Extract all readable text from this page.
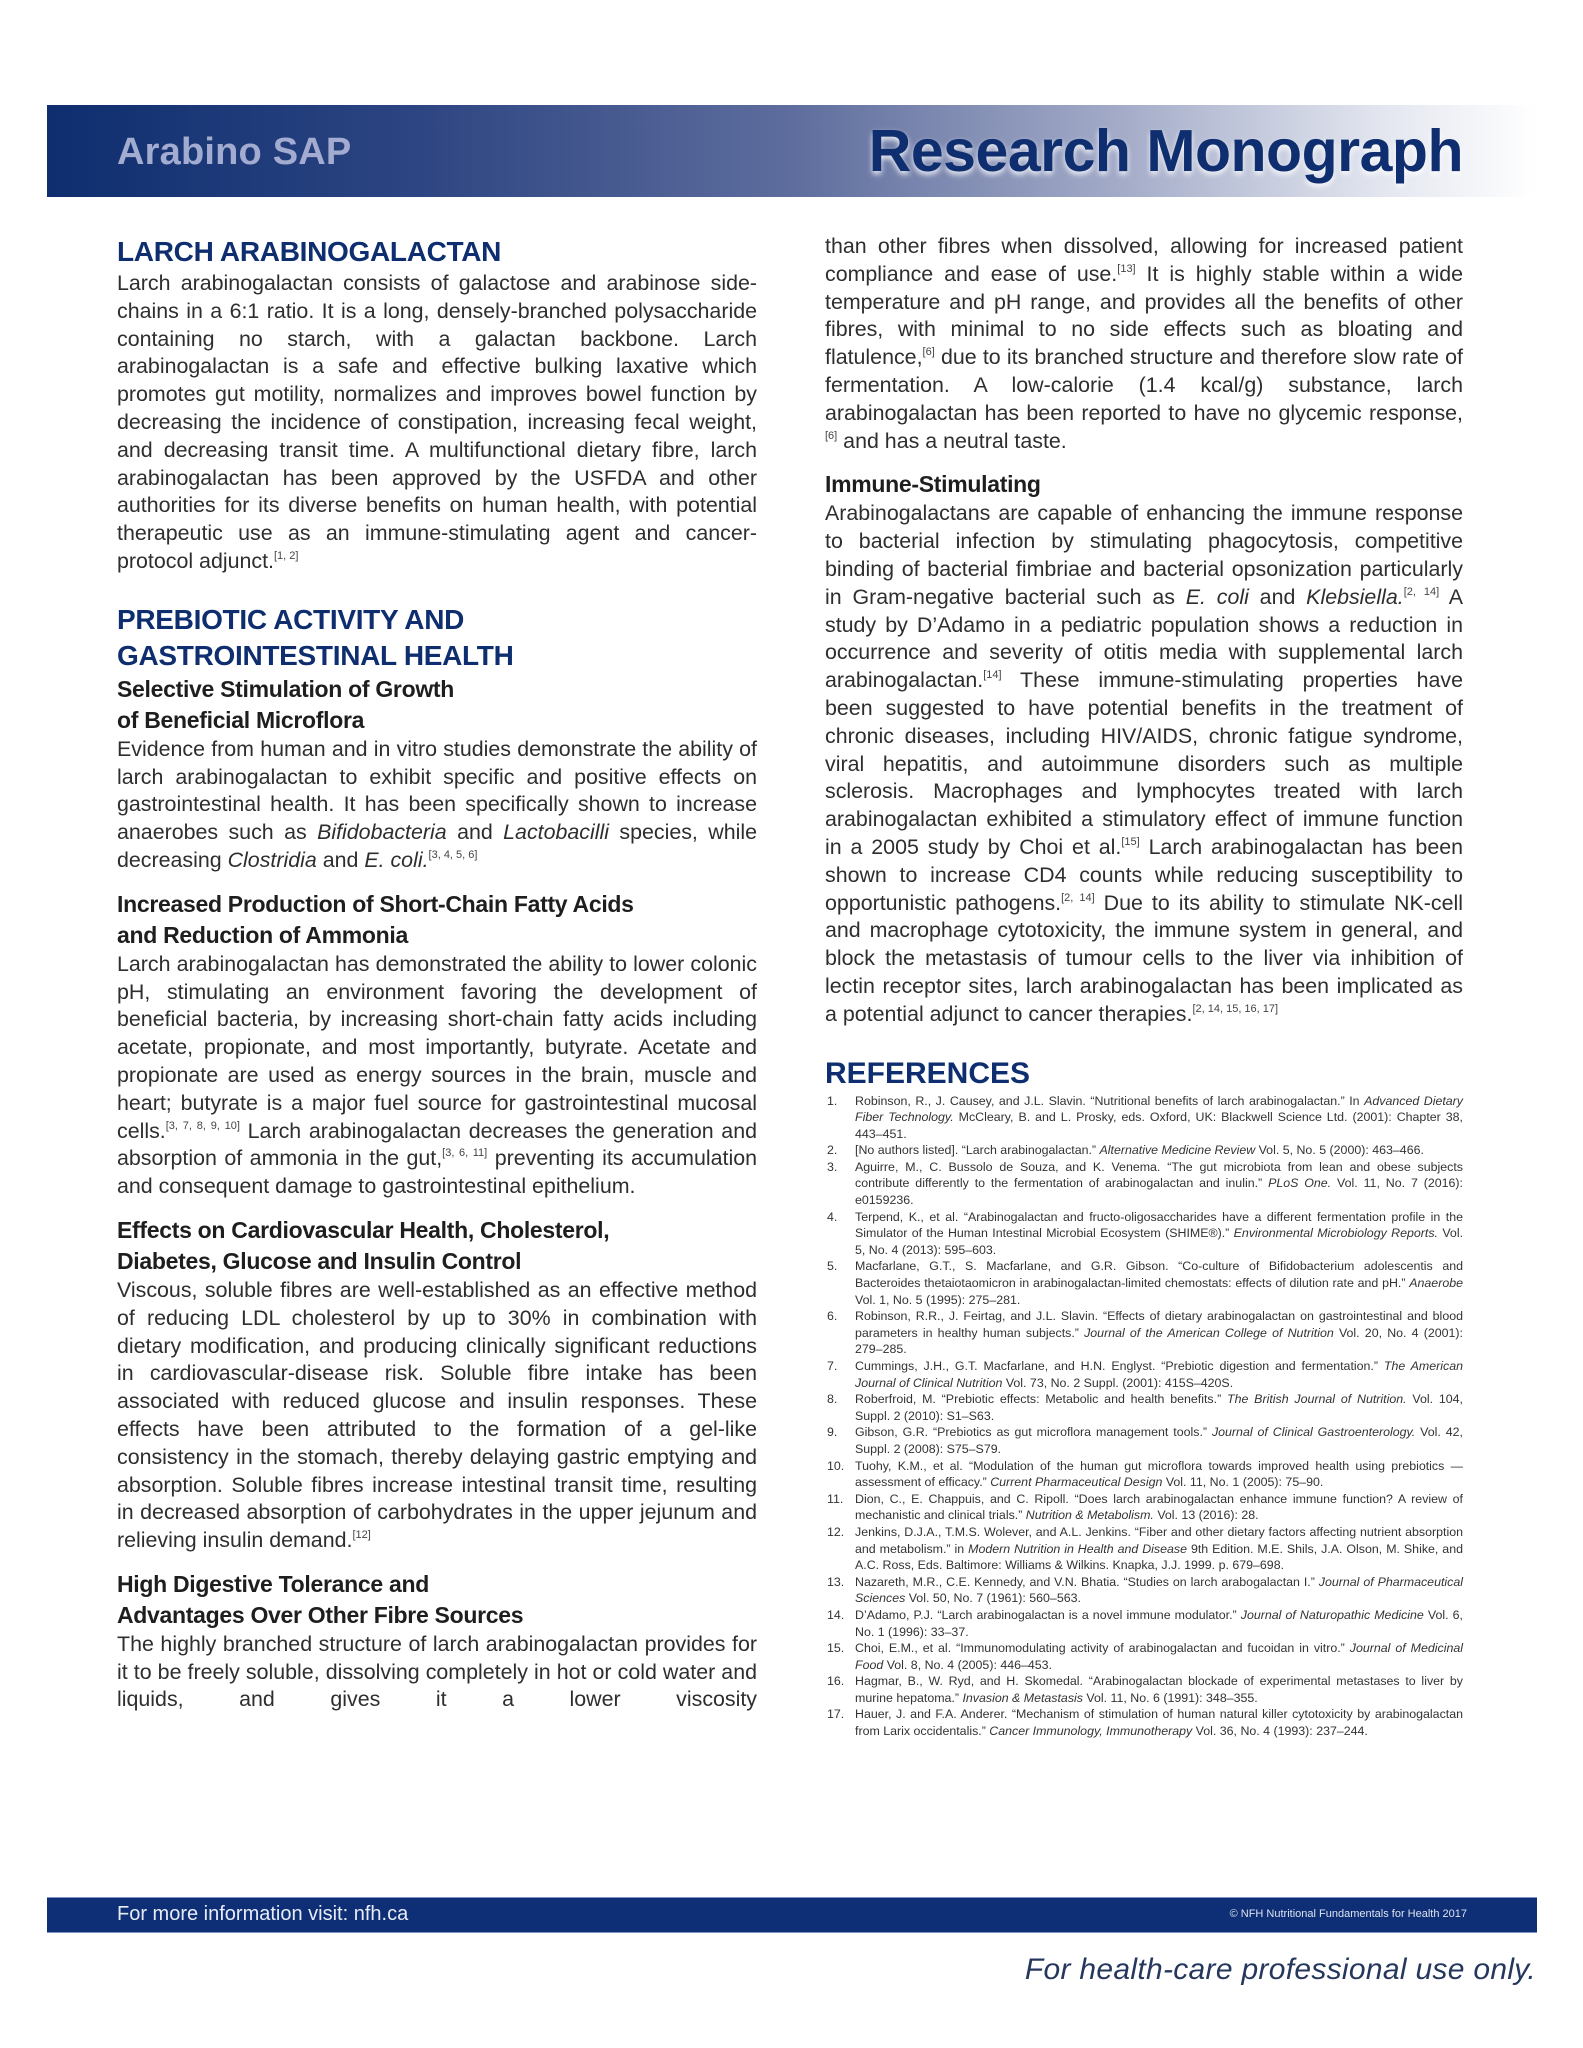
Arabino SAP	Research Monograph
LARCH ARABINOGALACTAN

Larch arabinogalactan consists of galactose and arabinose side-chains in a 6:1 ratio. It is a long, densely-branched polysaccharide containing no starch, with a galactan backbone. Larch arabinogalactan is a safe and effective bulking laxative which promotes gut motility, normalizes and improves bowel function by decreasing the incidence of constipation, increasing fecal weight, and decreasing transit time. A multifunctional dietary fibre, larch arabinogalactan has been approved by the USFDA and other authorities for its diverse benefits on human health, with potential therapeutic use as an immune-stimulating agent and cancer-protocol adjunct.[1, 2]

PREBIOTIC ACTIVITY AND
GASTROINTESTINAL HEALTH
Selective Stimulation of Growth
of Beneficial Microflora

Evidence from human and in vitro studies demonstrate the ability of larch arabinogalactan to exhibit specific and positive effects on gastrointestinal health. It has been specifically shown to increase anaerobes such as Bifidobacteria and Lactobacilli species, while decreasing Clostridia and E. coli.[3, 4, 5, 6]

Increased Production of Short-Chain Fatty Acids
and Reduction of Ammonia

Larch arabinogalactan has demonstrated the ability to lower colonic pH, stimulating an environment favoring the development of beneficial bacteria, by increasing short-chain fatty acids including acetate, propionate, and most importantly, butyrate. Acetate and propionate are used as energy sources in the brain, muscle and heart; butyrate is a major fuel source for gastrointestinal mucosal cells.[3, 7, 8, 9, 10] Larch arabinogalactan decreases the generation and absorption of ammonia in the gut,[3, 6, 11] preventing its accumulation and consequent damage to gastrointestinal epithelium.

Effects on Cardiovascular Health, Cholesterol,
Diabetes, Glucose and Insulin Control

Viscous, soluble fibres are well-established as an effective method of reducing LDL cholesterol by up to 30% in combination with dietary modification, and producing clinically significant reductions in cardiovascular-disease risk. Soluble fibre intake has been associated with reduced glucose and insulin responses. These effects have been attributed to the formation of a gel-like consistency in the stomach, thereby delaying gastric emptying and absorption. Soluble fibres increase intestinal transit time, resulting in decreased absorption of carbohydrates in the upper jejunum and relieving insulin demand.[12]

High Digestive Tolerance and
Advantages Over Other Fibre Sources

The highly branched structure of larch arabinogalactan provides for it to be freely soluble, dissolving completely in hot or cold water and liquids, and gives it a lower viscosity

than other fibres when dissolved, allowing for increased patient compliance and ease of use.[13] It is highly stable within a wide temperature and pH range, and provides all the benefits of other fibres, with minimal to no side effects such as bloating and flatulence,[6] due to its branched structure and therefore slow rate of fermentation. A low-calorie (1.4 kcal/g) substance, larch arabinogalactan has been reported to have no glycemic response,[6] and has a neutral taste.

Immune-Stimulating

Arabinogalactans are capable of enhancing the immune response to bacterial infection by stimulating phagocytosis, competitive binding of bacterial fimbriae and bacterial opsonization particularly in Gram-negative bacterial such as E. coli and Klebsiella.[2, 14] A study by D’Adamo in a pediatric population shows a reduction in occurrence and severity of otitis media with supplemental larch arabinogalactan.[14] These immune-stimulating properties have been suggested to have potential benefits in the treatment of chronic diseases, including HIV/AIDS, chronic fatigue syndrome, viral hepatitis, and autoimmune disorders such as multiple sclerosis. Macrophages and lymphocytes treated with larch arabinogalactan exhibited a stimulatory effect of immune function in a 2005 study by Choi et al.[15] Larch arabinogalactan has been shown to increase CD4 counts while reducing susceptibility to opportunistic pathogens.[2, 14] Due to its ability to stimulate NK-cell and macrophage cytotoxicity, the immune system in general, and block the metastasis of tumour cells to the liver via inhibition of lectin receptor sites, larch arabinogalactan has been implicated as a potential adjunct to cancer therapies.[2, 14, 15, 16, 17]

REFERENCES
1.	Robinson, R., J. Causey, and J.L. Slavin. “Nutritional benefits of larch arabinogalactan.” In Advanced Dietary Fiber Technology. McCleary, B. and L. Prosky, eds. Oxford, UK: Blackwell Science Ltd. (2001): Chapter 38, 443–451.
2.	[No authors listed]. “Larch arabinogalactan.” Alternative Medicine Review Vol. 5, No. 5 (2000): 463–466.
3.	Aguirre, M., C. Bussolo de Souza, and K. Venema. “The gut microbiota from lean and obese subjects contribute differently to the fermentation of arabinogalactan and inulin.” PLoS One. Vol. 11, No. 7 (2016): e0159236.
4.	Terpend, K., et al. “Arabinogalactan and fructo-oligosaccharides have a different fermentation profile in the Simulator of the Human Intestinal Microbial Ecosystem (SHIME®).” Environmental Microbiology Reports. Vol. 5, No. 4 (2013): 595–603.
5.	Macfarlane, G.T., S. Macfarlane, and G.R. Gibson. “Co-culture of Bifidobacterium adolescentis and Bacteroides thetaiotaomicron in arabinogalactan-limited chemostats: effects of dilution rate and pH.” Anaerobe Vol. 1, No. 5 (1995): 275–281.
6.	Robinson, R.R., J. Feirtag, and J.L. Slavin. “Effects of dietary arabinogalactan on gastrointestinal and blood parameters in healthy human subjects.” Journal of the American College of Nutrition Vol. 20, No. 4 (2001): 279–285.
7.	Cummings, J.H., G.T. Macfarlane, and H.N. Englyst. “Prebiotic digestion and fermentation.” The American Journal of Clinical Nutrition Vol. 73, No. 2 Suppl. (2001): 415S–420S.
8.	Roberfroid, M. “Prebiotic effects: Metabolic and health benefits.” The British Journal of Nutrition. Vol. 104, Suppl. 2 (2010): S1–S63.
9.	Gibson, G.R. “Prebiotics as gut microflora management tools.” Journal of Clinical Gastroenterology. Vol. 42, Suppl. 2 (2008): S75–S79.
10. Tuohy, K.M., et al. “Modulation of the human gut microflora towards improved health using prebiotics — assessment of efficacy.” Current Pharmaceutical Design Vol. 11, No. 1 (2005): 75–90.
11. Dion, C., E. Chappuis, and C. Ripoll. “Does larch arabinogalactan enhance immune function? A review of mechanistic and clinical trials.” Nutrition & Metabolism. Vol. 13 (2016): 28.
12. Jenkins, D.J.A., T.M.S. Wolever, and A.L. Jenkins. “Fiber and other dietary factors affecting nutrient absorption and metabolism.” in Modern Nutrition in Health and Disease 9th Edition. M.E. Shils, J.A. Olson, M. Shike, and A.C. Ross, Eds. Baltimore: Williams & Wilkins. Knapka, J.J. 1999. p. 679–698.
13. Nazareth, M.R., C.E. Kennedy, and V.N. Bhatia. “Studies on larch arabogalactan I.” Journal of Pharmaceutical Sciences Vol. 50, No. 7 (1961): 560–563.
14. D’Adamo, P.J. “Larch arabinogalactan is a novel immune modulator.” Journal of Naturopathic Medicine Vol. 6, No. 1 (1996): 33–37.
15. Choi, E.M., et al. “Immunomodulating activity of arabinogalactan and fucoidan in vitro.” Journal of Medicinal Food Vol. 8, No. 4 (2005): 446–453.
16. Hagmar, B., W. Ryd, and H. Skomedal. “Arabinogalactan blockade of experimental metastases to liver by murine hepatoma.” Invasion & Metastasis Vol. 11, No. 6 (1991): 348–355.
17. Hauer, J. and F.A. Anderer. “Mechanism of stimulation of human natural killer cytotoxicity by arabinogalactan from Larix occidentalis.” Cancer Immunology, Immunotherapy Vol. 36, No. 4 (1993): 237–244.
For more information visit: nfh.ca	© NFH Nutritional Fundamentals for Health 2017
For health-care professional use only.
